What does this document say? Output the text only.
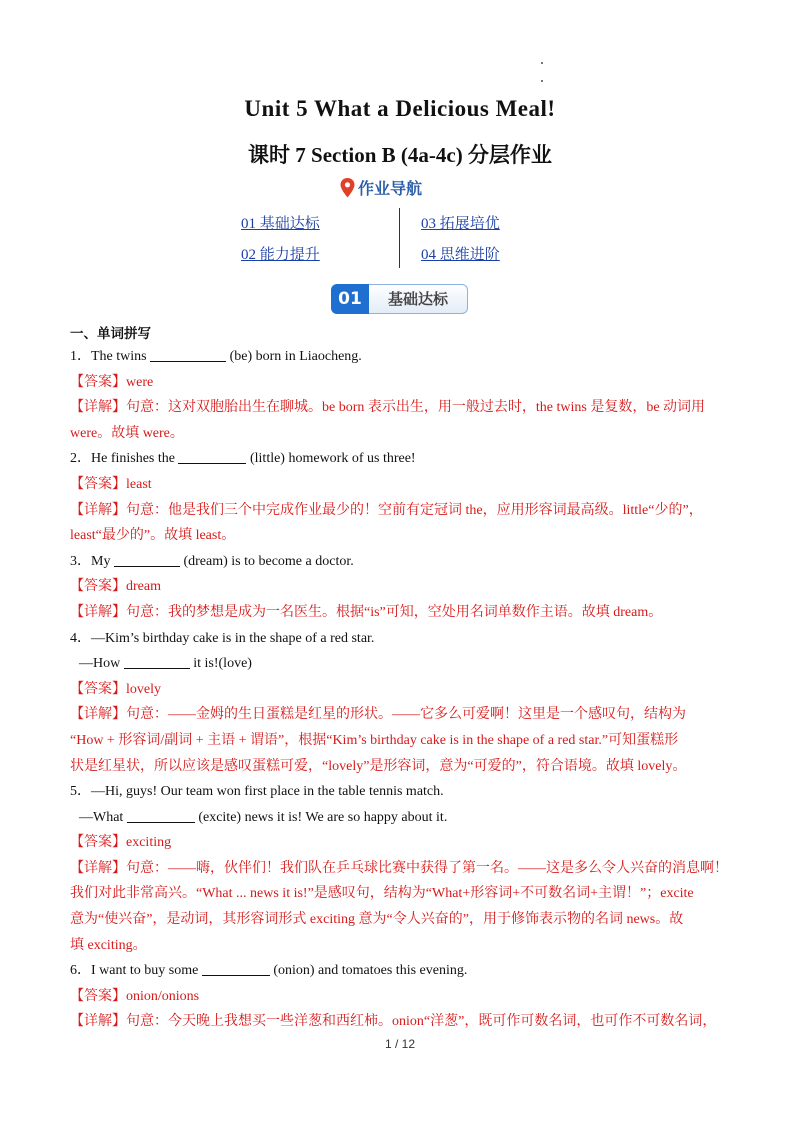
Unit 5 What a Delicious Meal!
课时 7 Section B (4a-4c) 分层作业
作业导航
01 基础达标
02 能力提升
03 拓展培优
04 思维进阶
01	基础达标
一、单词拼写
1．The twins	(be) born in Liaocheng.
【答案】were
【详解】句意：这对双胞胎出生在聊城。be born 表示出生，用一般过去时，the twins 是复数，be 动词用
were。故填 were。
2．He finishes the	(little) homework of us three!
【答案】least
【详解】句意：他是我们三个中完成作业最少的！空前有定冠词 the，应用形容词最高级。little“少的”，
least“最少的”。故填 least。
3．My	(dream) is to become a doctor.
【答案】dream
【详解】句意：我的梦想是成为一名医生。根据“is”可知，空处用名词单数作主语。故填 dream。
4．—Kim’s birthday cake is in the shape of a red star.
—How	it is!(love)
【答案】lovely
【详解】句意：——金姆的生日蛋糕是红星的形状。——它多么可爱啊！这里是一个感叹句，结构为
“How + 形容词/副词 + 主语 + 谓语”，根据“Kim’s birthday cake is in the shape of a red star.”可知蛋糕形
状是红星状，所以应该是感叹蛋糕可爱，“lovely”是形容词，意为“可爱的”，符合语境。故填 lovely。
5．—Hi, guys! Our team won first place in the table tennis match.
—What	(excite) news it is! We are so happy about it.
【答案】exciting
【详解】句意：——嗨，伙伴们！我们队在乒乓球比赛中获得了第一名。——这是多么令人兴奋的消息啊！
我们对此非常高兴。“What ... news it is!”是感叹句，结构为“What+形容词+不可数名词+主谓！”；excite
意为“使兴奋”，是动词，其形容词形式 exciting 意为“令人兴奋的”，用于修饰表示物的名词 news。故
填 exciting。
6．I want to buy some	(onion) and tomatoes this evening.
【答案】onion/onions
【详解】句意：今天晚上我想买一些洋葱和西红柿。onion“洋葱”，既可作可数名词，也可作不可数名词，
1 / 12
